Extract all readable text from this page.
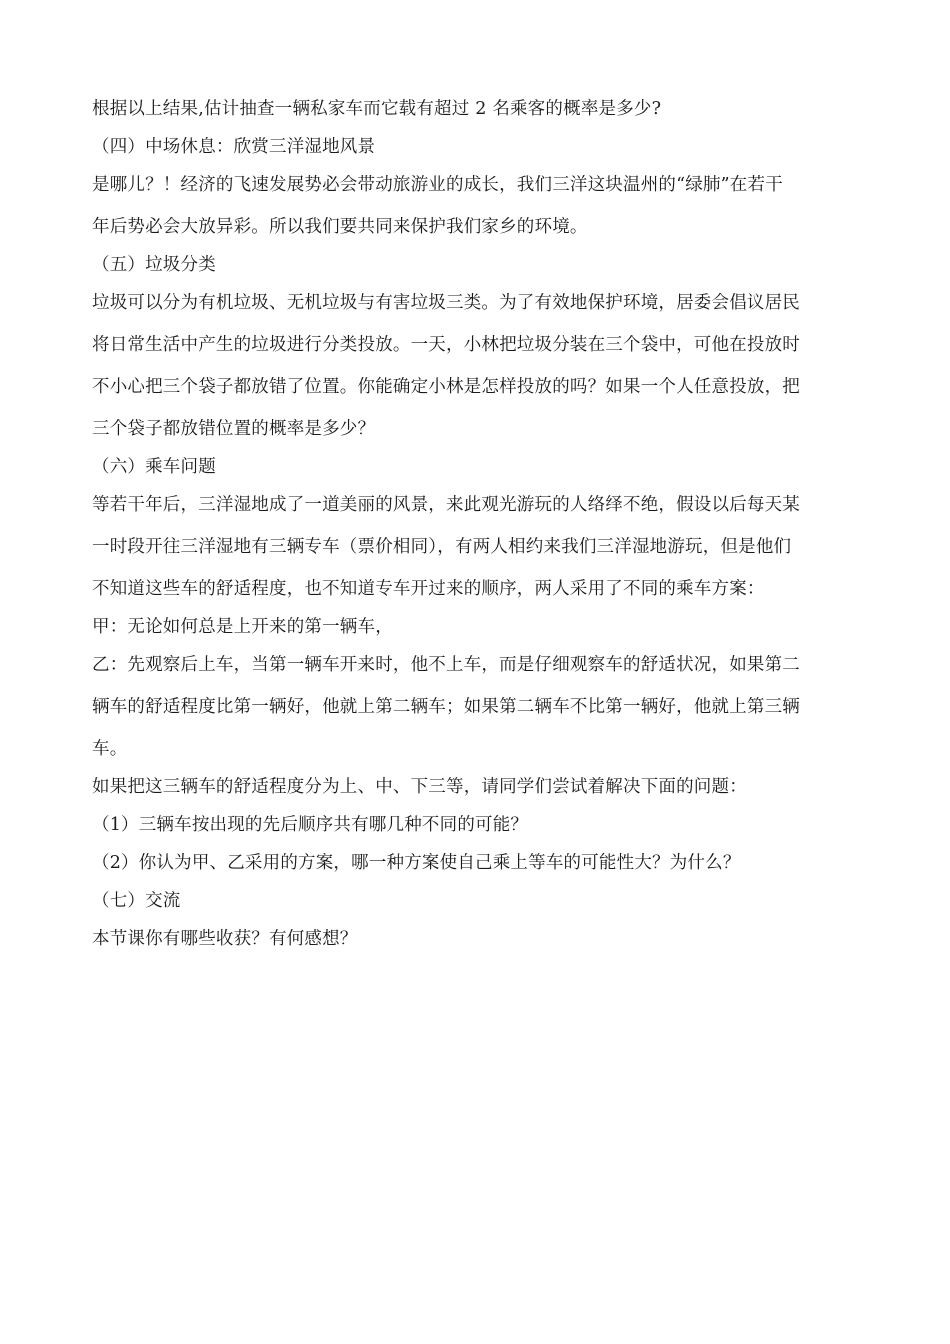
根据以上结果,估计抽查一辆私家车而它载有超过 2 名乘客的概率是多少?
（四）中场休息：欣赏三洋湿地风景
是哪儿？！经济的飞速发展势必会带动旅游业的成长，我们三洋这块温州的“绿肺”在若干
年后势必会大放异彩。所以我们要共同来保护我们家乡的环境。
（五）垃圾分类
垃圾可以分为有机垃圾、无机垃圾与有害垃圾三类。为了有效地保护环境，居委会倡议居民
将日常生活中产生的垃圾进行分类投放。一天，小林把垃圾分装在三个袋中，可他在投放时
不小心把三个袋子都放错了位置。你能确定小林是怎样投放的吗？如果一个人任意投放，把
三个袋子都放错位置的概率是多少？
（六）乘车问题
等若干年后，三洋湿地成了一道美丽的风景，来此观光游玩的人络绎不绝，假设以后每天某
一时段开往三洋湿地有三辆专车（票价相同），有两人相约来我们三洋湿地游玩，但是他们
不知道这些车的舒适程度，也不知道专车开过来的顺序，两人采用了不同的乘车方案：
甲：无论如何总是上开来的第一辆车，
乙：先观察后上车，当第一辆车开来时，他不上车，而是仔细观察车的舒适状况，如果第二
辆车的舒适程度比第一辆好，他就上第二辆车；如果第二辆车不比第一辆好，他就上第三辆
车。
如果把这三辆车的舒适程度分为上、中、下三等，请同学们尝试着解决下面的问题：
（1）三辆车按出现的先后顺序共有哪几种不同的可能？
（2）你认为甲、乙采用的方案，哪一种方案使自己乘上等车的可能性大？为什么？
（七）交流
本节课你有哪些收获？有何感想？
